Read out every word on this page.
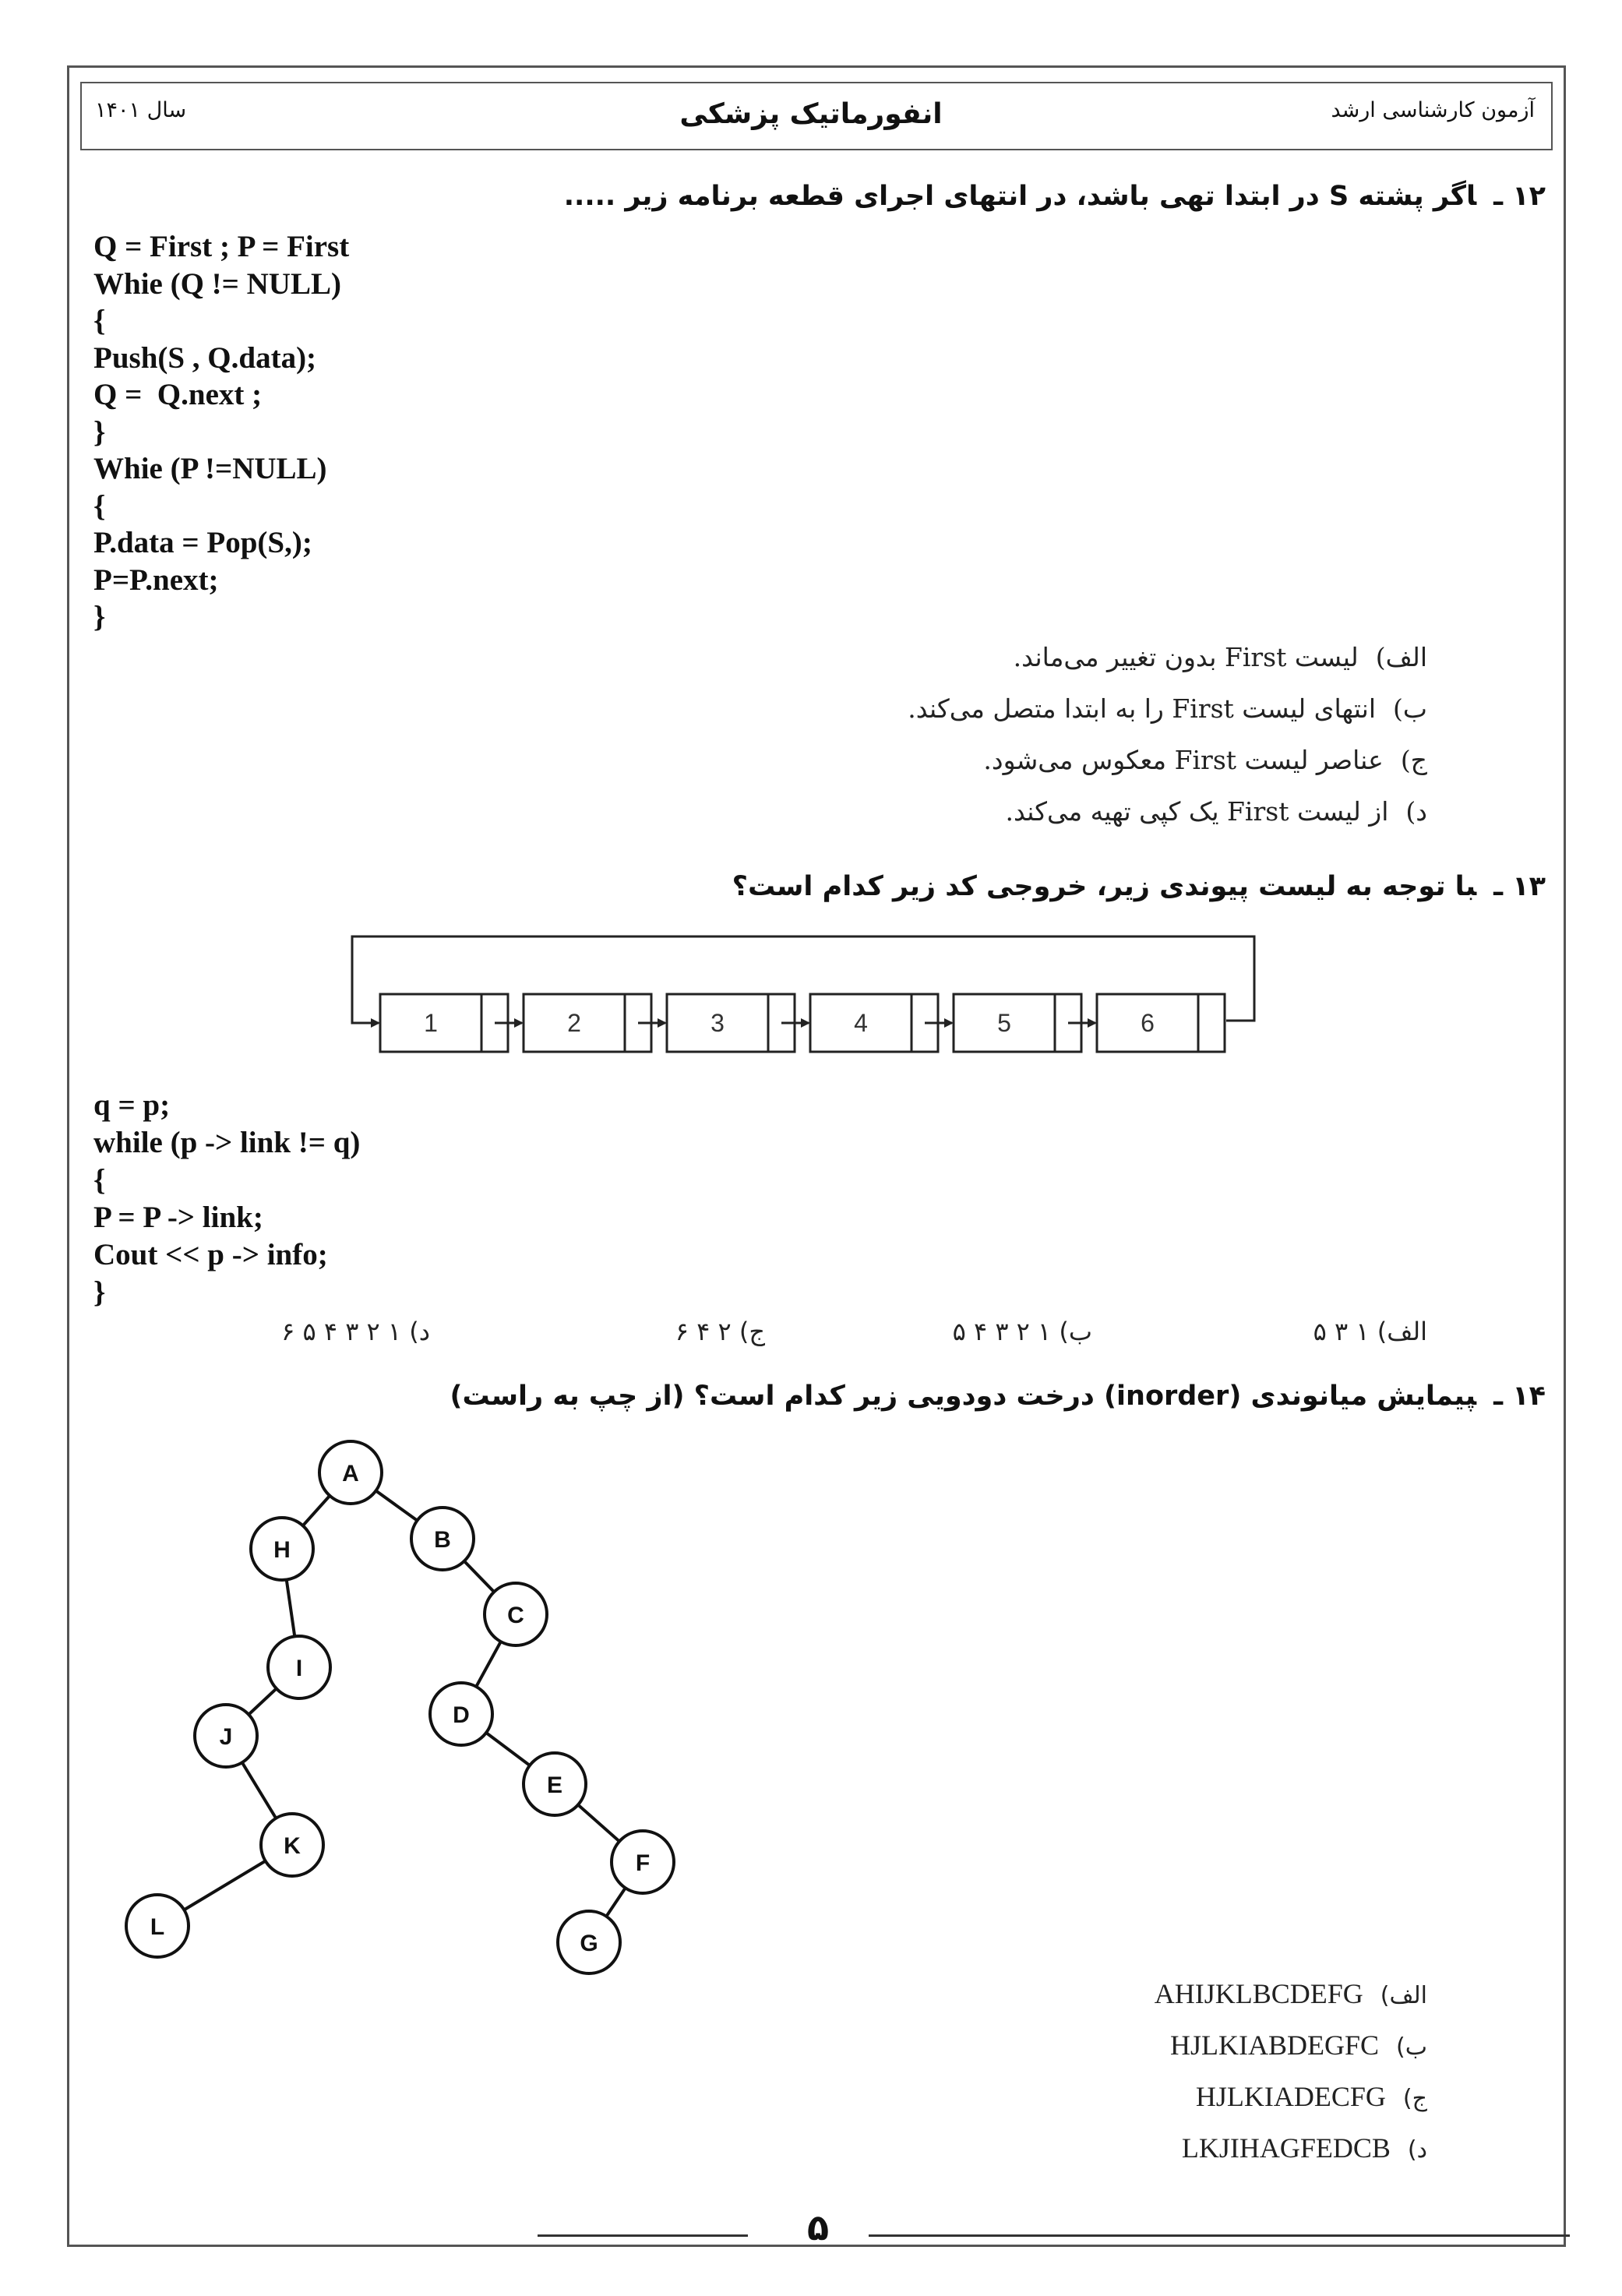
سال ۱۴۰۱	انفورماتیک پزشکی	آزمون کارشناسی ارشد
۱۲ ـاگر پشته S در ابتدا تهی باشد، در انتهای اجرای قطعه برنامه زیر .....
Q = First ; P = First
Whie (Q != NULL)
{
Push(S , Q.data);
Q =  Q.next ;
}
Whie (P !=NULL)
{
P.data = Pop(S,);
P=P.next;
}
الف)لیست First بدون تغییر می‌ماند.
ب)انتهای لیست First را به ابتدا متصل می‌کند.
ج)عناصر لیست First معکوس می‌شود.
د)از لیست First یک کپی تهیه می‌کند.
۱۳ ـبا توجه به لیست پیوندی زیر، خروجی کد زیر کدام است؟
1	2	3	4	5	6
q = p;
while (p -> link != q)
{
P = P -> link;
Cout << p -> info;
}
الف) ۱ ۳ ۵
ب) ۱ ۲ ۳ ۴ ۵
ج) ۲ ۴ ۶
د) ۱ ۲ ۳ ۴ ۵ ۶
۱۴ ـپیمایش میانوندی (inorder) درخت دودویی زیر کدام است؟ (از چپ به راست)
A
H	B
C
I
D
J
E
K
F
L
G
الف)AHIJKLBCDEFG
ب)HJLKIABDEGFC
ج)HJLKIADECFG
د)LKJIHAGFEDCB
۵
